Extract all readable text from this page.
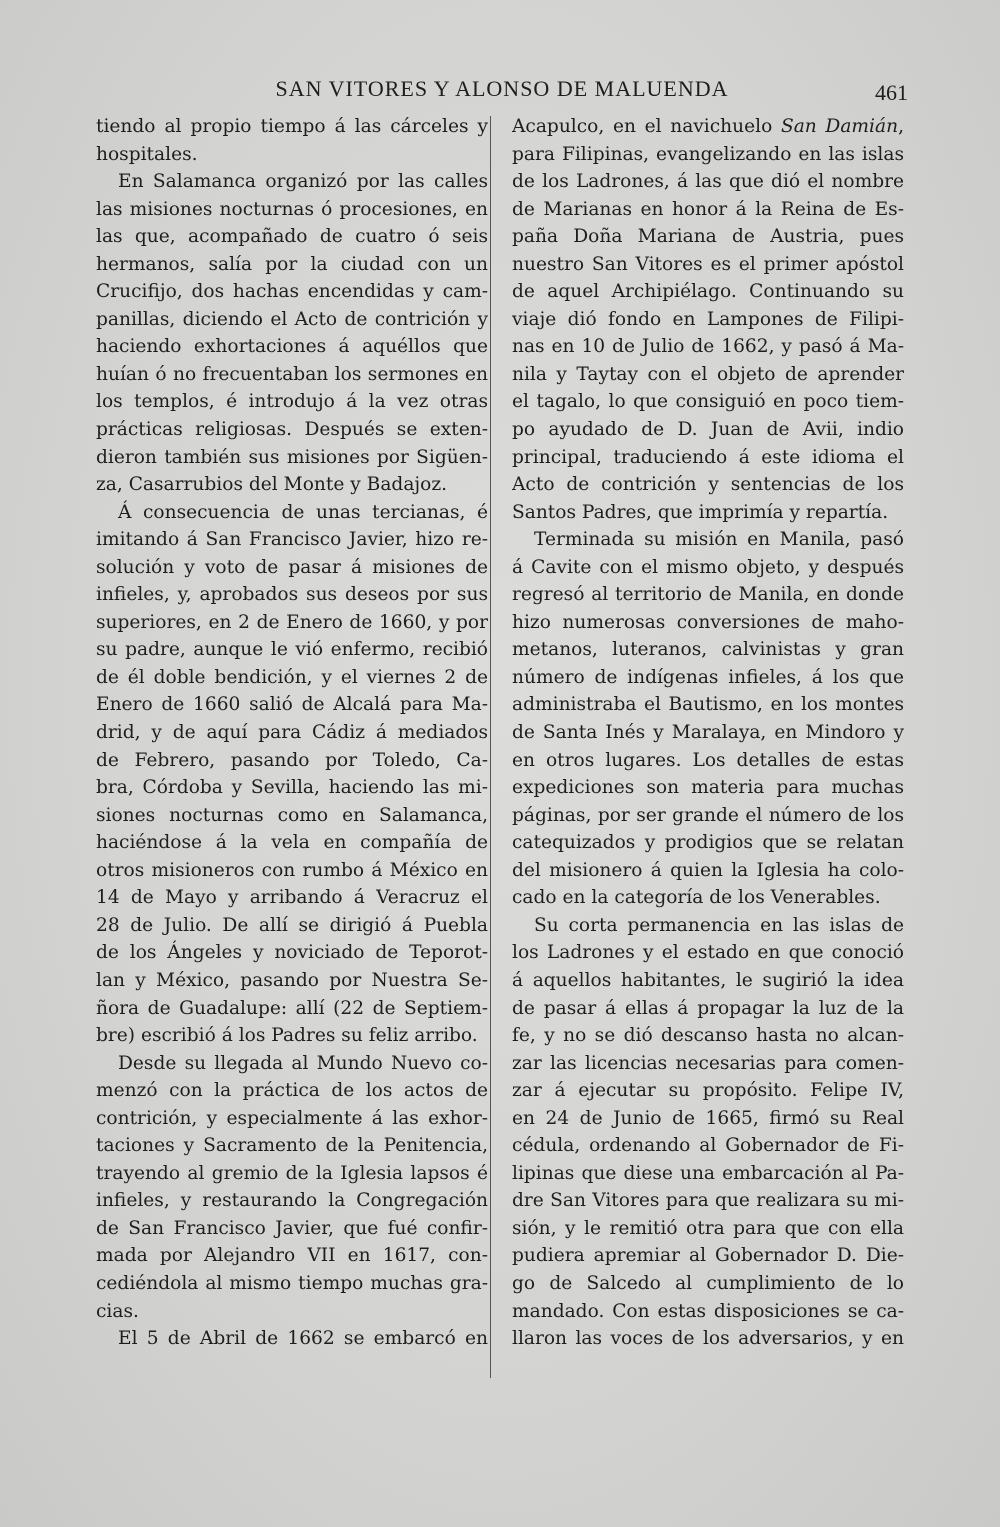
SAN VITORES Y ALONSO DE MALUENDA	461
tiendo al propio tiempo á las cárceles y
hospitales.
En Salamanca organizó por las calles
las misiones nocturnas ó procesiones, en
las que, acompañado de cuatro ó seis
hermanos, salía por la ciudad con un
Crucifijo, dos hachas encendidas y cam-
panillas, diciendo el Acto de contrición y
haciendo exhortaciones á aquéllos que
huían ó no frecuentaban los sermones en
los templos, é introdujo á la vez otras
prácticas religiosas. Después se exten-
dieron también sus misiones por Sigüen-
za, Casarrubios del Monte y Badajoz.
Á consecuencia de unas tercianas, é
imitando á San Francisco Javier, hizo re-
solución y voto de pasar á misiones de
infieles, y, aprobados sus deseos por sus
superiores, en 2 de Enero de 1660, y por
su padre, aunque le vió enfermo, recibió
de él doble bendición, y el viernes 2 de
Enero de 1660 salió de Alcalá para Ma-
drid, y de aquí para Cádiz á mediados
de Febrero, pasando por Toledo, Ca-
bra, Córdoba y Sevilla, haciendo las mi-
siones nocturnas como en Salamanca,
haciéndose á la vela en compañía de
otros misioneros con rumbo á México en
14 de Mayo y arribando á Veracruz el
28 de Julio. De allí se dirigió á Puebla
de los Ángeles y noviciado de Teporot-
lan y México, pasando por Nuestra Se-
ñora de Guadalupe: allí (22 de Septiem-
bre) escribió á los Padres su feliz arribo.
Desde su llegada al Mundo Nuevo co-
menzó con la práctica de los actos de
contrición, y especialmente á las exhor-
taciones y Sacramento de la Penitencia,
trayendo al gremio de la Iglesia lapsos é
infieles, y restaurando la Congregación
de San Francisco Javier, que fué confir-
mada por Alejandro VII en 1617, con-
cediéndola al mismo tiempo muchas gra-
cias.
El 5 de Abril de 1662 se embarcó en
Acapulco, en el navichuelo San Damián,
para Filipinas, evangelizando en las islas
de los Ladrones, á las que dió el nombre
de Marianas en honor á la Reina de Es-
paña Doña Mariana de Austria, pues
nuestro San Vitores es el primer apóstol
de aquel Archipiélago. Continuando su
viaje dió fondo en Lampones de Filipi-
nas en 10 de Julio de 1662, y pasó á Ma-
nila y Taytay con el objeto de aprender
el tagalo, lo que consiguió en poco tiem-
po ayudado de D. Juan de Avii, indio
principal, traduciendo á este idioma el
Acto de contrición y sentencias de los
Santos Padres, que imprimía y repartía.
Terminada su misión en Manila, pasó
á Cavite con el mismo objeto, y después
regresó al territorio de Manila, en donde
hizo numerosas conversiones de maho-
metanos, luteranos, calvinistas y gran
número de indígenas infieles, á los que
administraba el Bautismo, en los montes
de Santa Inés y Maralaya, en Mindoro y
en otros lugares. Los detalles de estas
expediciones son materia para muchas
páginas, por ser grande el número de los
catequizados y prodigios que se relatan
del misionero á quien la Iglesia ha colo-
cado en la categoría de los Venerables.
Su corta permanencia en las islas de
los Ladrones y el estado en que conoció
á aquellos habitantes, le sugirió la idea
de pasar á ellas á propagar la luz de la
fe, y no se dió descanso hasta no alcan-
zar las licencias necesarias para comen-
zar á ejecutar su propósito. Felipe IV,
en 24 de Junio de 1665, firmó su Real
cédula, ordenando al Gobernador de Fi-
lipinas que diese una embarcación al Pa-
dre San Vitores para que realizara su mi-
sión, y le remitió otra para que con ella
pudiera apremiar al Gobernador D. Die-
go de Salcedo al cumplimiento de lo
mandado. Con estas disposiciones se ca-
llaron las voces de los adversarios, y en
